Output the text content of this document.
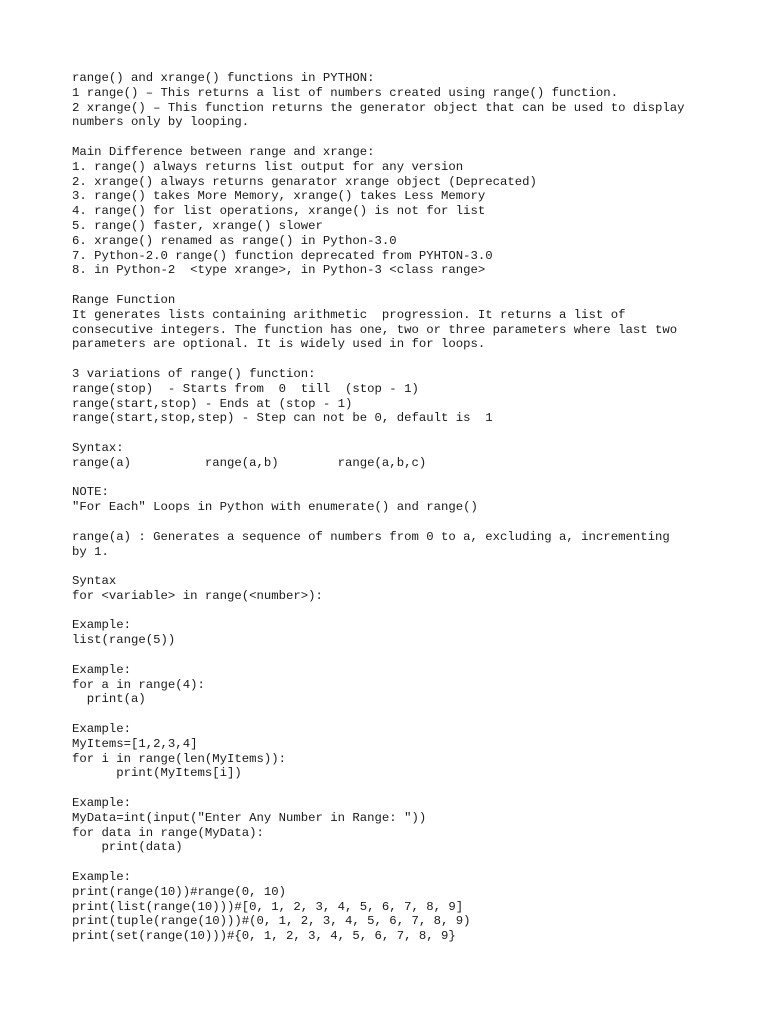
range() and xrange() functions in PYTHON:
1 range() – This returns a list of numbers created using range() function.
2 xrange() – This function returns the generator object that can be used to display
numbers only by looping.
Main Difference between range and xrange:
1. range() always returns list output for any version
2. xrange() always returns genarator xrange object (Deprecated)
3. range() takes More Memory, xrange() takes Less Memory
4. range() for list operations, xrange() is not for list
5. range() faster, xrange() slower
6. xrange() renamed as range() in Python-3.0
7. Python-2.0 range() function deprecated from PYHTON-3.0
8. in Python-2  <type xrange>, in Python-3 <class range>
Range Function
It generates lists containing arithmetic  progression. It returns a list of
consecutive integers. The function has one, two or three parameters where last two
parameters are optional. It is widely used in for loops.
3 variations of range() function:
range(stop)  - Starts from  0  till  (stop - 1)
range(start,stop) - Ends at (stop - 1)
range(start,stop,step) - Step can not be 0, default is  1
Syntax:
range(a)          range(a,b)        range(a,b,c)
NOTE:
"For Each" Loops in Python with enumerate() and range()
range(a) : Generates a sequence of numbers from 0 to a, excluding a, incrementing
by 1.
Syntax
for <variable> in range(<number>):
Example:
list(range(5))
Example:
for a in range(4):
print(a)
Example:
MyItems=[1,2,3,4]
for i in range(len(MyItems)):
print(MyItems[i])
Example:
MyData=int(input("Enter Any Number in Range: "))
for data in range(MyData):
print(data)
Example:
print(range(10))#range(0, 10)
print(list(range(10)))#[0, 1, 2, 3, 4, 5, 6, 7, 8, 9]
print(tuple(range(10)))#(0, 1, 2, 3, 4, 5, 6, 7, 8, 9)
print(set(range(10)))#{0, 1, 2, 3, 4, 5, 6, 7, 8, 9}
